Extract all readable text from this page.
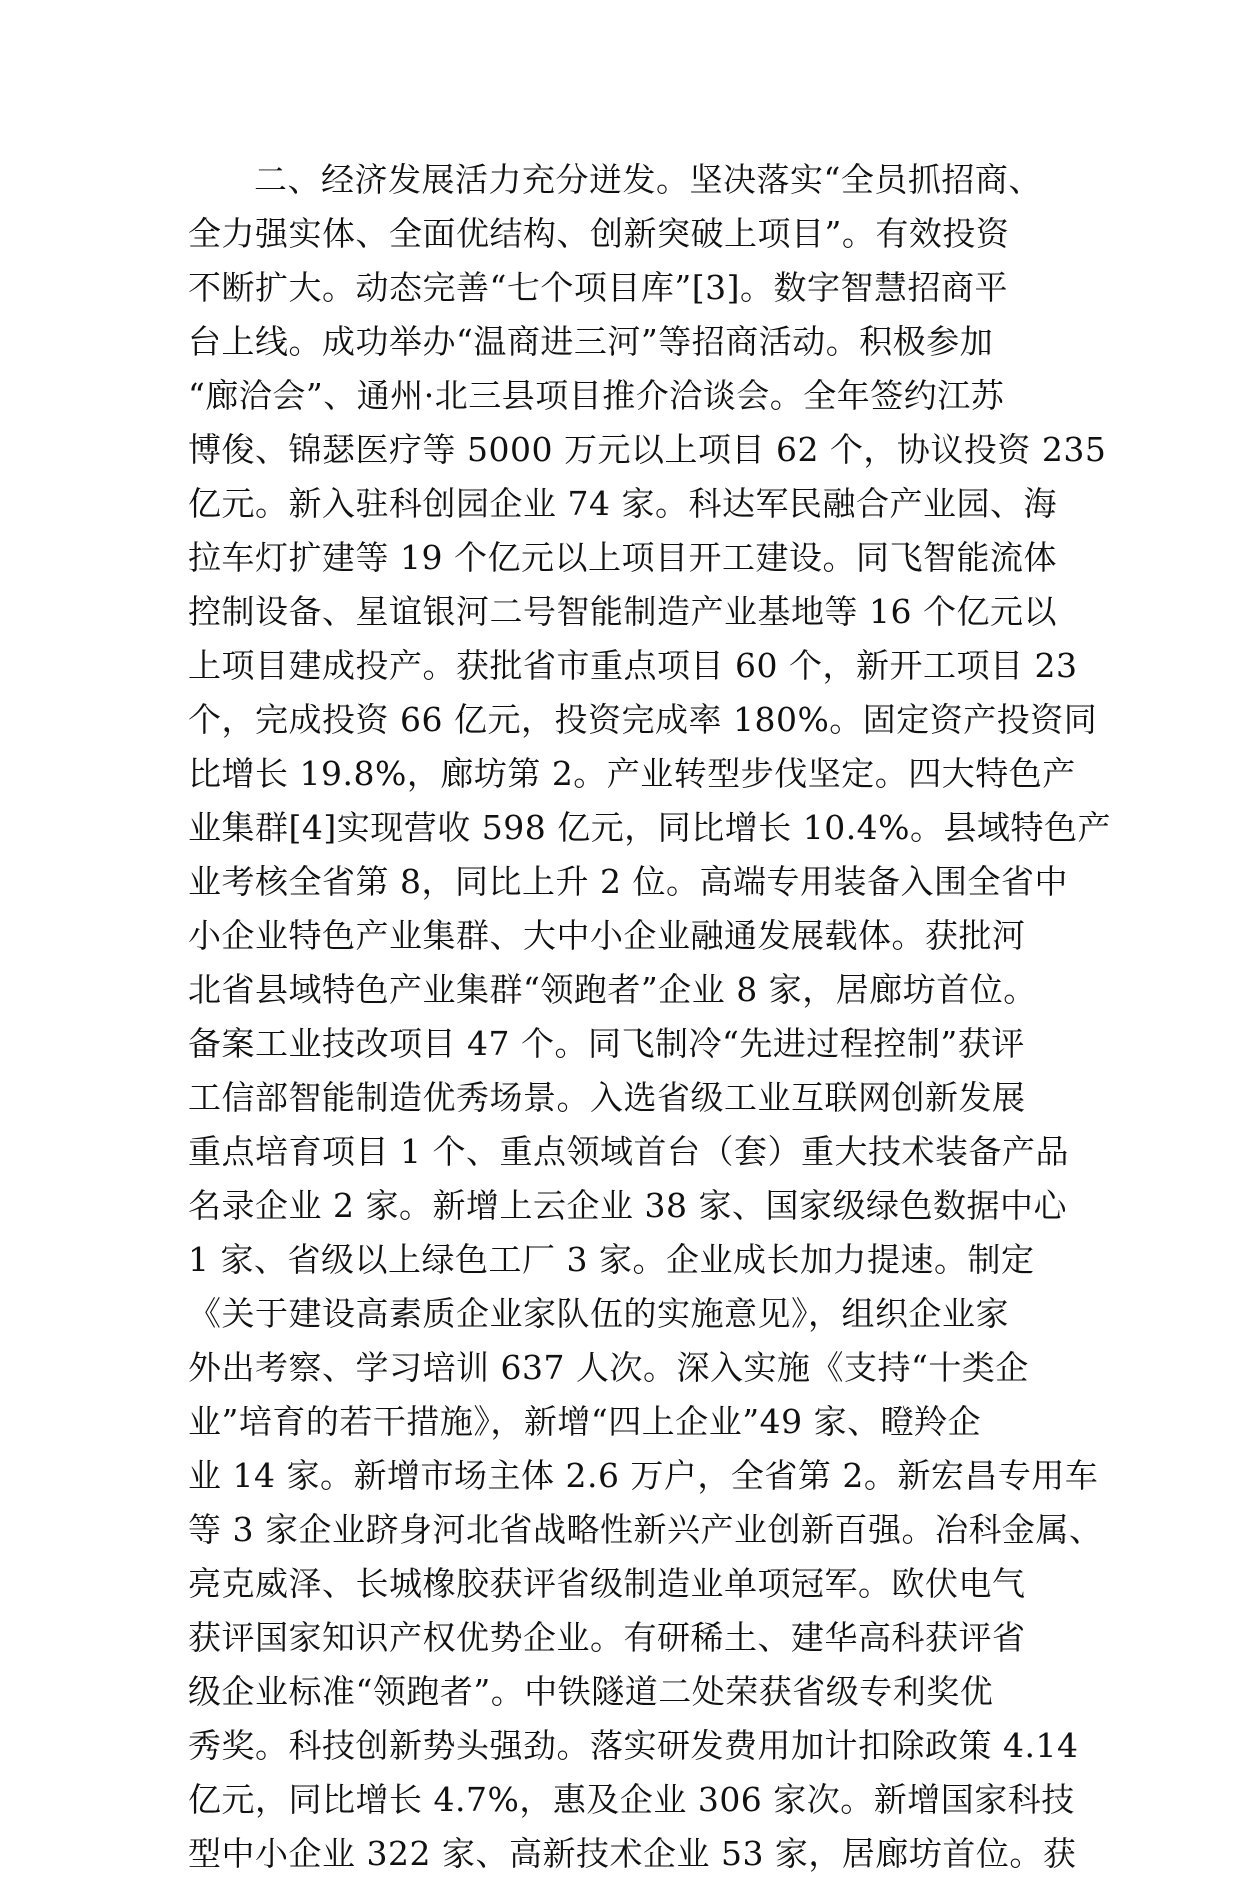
二、经济发展活力充分迸发。坚决落实“全员抓招商、
全力强实体、全面优结构、创新突破上项目”。有效投资
不断扩大。动态完善“七个项目库”[3]。数字智慧招商平
台上线。成功举办“温商进三河”等招商活动。积极参加
“廊洽会”、通州·北三县项目推介洽谈会。全年签约江苏
博俊、锦瑟医疗等 5000 万元以上项目 62 个，协议投资 235
亿元。新入驻科创园企业 74 家。科达军民融合产业园、海
拉车灯扩建等 19 个亿元以上项目开工建设。同飞智能流体
控制设备、星谊银河二号智能制造产业基地等 16 个亿元以
上项目建成投产。获批省市重点项目 60 个，新开工项目 23
个，完成投资 66 亿元，投资完成率 180%。固定资产投资同
比增长 19.8%，廊坊第 2。产业转型步伐坚定。四大特色产
业集群[4]实现营收 598 亿元，同比增长 10.4%。县域特色产
业考核全省第 8，同比上升 2 位。高端专用装备入围全省中
小企业特色产业集群、大中小企业融通发展载体。获批河
北省县域特色产业集群“领跑者”企业 8 家，居廊坊首位。
备案工业技改项目 47 个。同飞制冷“先进过程控制”获评
工信部智能制造优秀场景。入选省级工业互联网创新发展
重点培育项目 1 个、重点领域首台（套）重大技术装备产品
名录企业 2 家。新增上云企业 38 家、国家级绿色数据中心
1 家、省级以上绿色工厂 3 家。企业成长加力提速。制定
《关于建设高素质企业家队伍的实施意见》，组织企业家
外出考察、学习培训 637 人次。深入实施《支持“十类企
业”培育的若干措施》，新增“四上企业”49 家、瞪羚企
业 14 家。新增市场主体 2.6 万户，全省第 2。新宏昌专用车
等 3 家企业跻身河北省战略性新兴产业创新百强。冶科金属、
亮克威泽、长城橡胶获评省级制造业单项冠军。欧伏电气
获评国家知识产权优势企业。有研稀土、建华高科获评省
级企业标准“领跑者”。中铁隧道二处荣获省级专利奖优
秀奖。科技创新势头强劲。落实研发费用加计扣除政策 4.14
亿元，同比增长 4.7%，惠及企业 306 家次。新增国家科技
型中小企业 322 家、高新技术企业 53 家，居廊坊首位。获
